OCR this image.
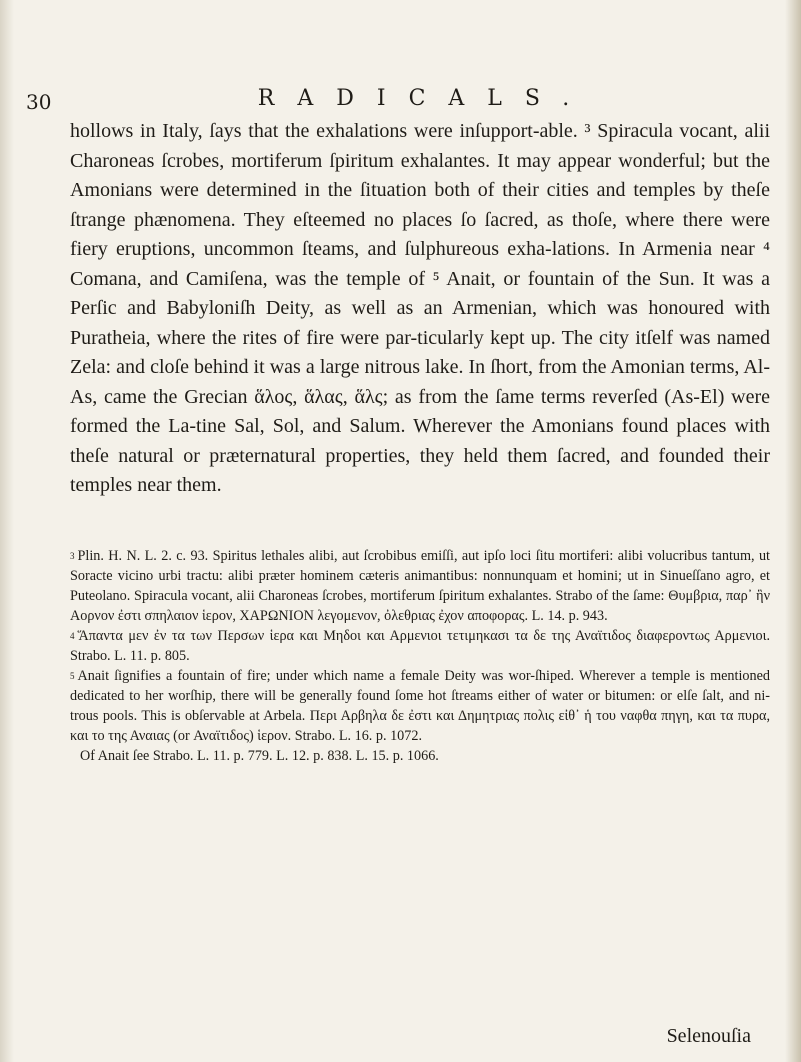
30	RADICALS.

hollows in Italy, ſays that the exhalations were inſupport-able. ³ Spiracula vocant, alii Charoneas ſcrobes, mortiferum ſpiritum exhalantes. It may appear wonderful; but the Amonians were determined in the ſituation both of their cities and temples by theſe ſtrange phænomena. They eſteemed no places ſo ſacred, as thoſe, where there were fiery eruptions, uncommon ſteams, and ſulphureous exha-lations. In Armenia near ⁴ Comana, and Camiſena, was the temple of ⁵ Anait, or fountain of the Sun. It was a Perſic and Babyloniſh Deity, as well as an Armenian, which was honoured with Puratheia, where the rites of fire were par-ticularly kept up. The city itſelf was named Zela: and cloſe behind it was a large nitrous lake. In ſhort, from the Amonian terms, Al-As, came the Grecian ἅλος, ἅλας, ἅλς; as from the ſame terms reverſed (As-El) were formed the La-tine Sal, Sol, and Salum. Wherever the Amonians found places with theſe natural or præternatural properties, they held them ſacred, and founded their temples near them.

$^3$ Plin. H. N. L. 2. c. 93. Spiritus lethales alibi, aut ſcrobibus emiſſi, aut ipſo loci ſitu mortiferi: alibi volucribus tantum, ut Soracte vicino urbi tractu: alibi præter hominem cæteris animantibus: nonnunquam et homini; ut in Sinueſſano agro, et Puteolano. Spiracula vocant, alii Charoneas ſcrobes, mortiferum ſpiritum exhalantes. Strabo of the ſame: Θυμβρια, παρ᾽ ἣν Αορνον ἐστι σπηλαιον ἱερον, ΧΑΡΩΝΙΟΝ λεγομενον, ὀλεθριας ἐχον αποφορας. L. 14. p. 943.

$^4$ Ἅπαντα μεν ἐν τα των Περσων ἱερα και Μηδοι και Αρμενιοι τετιμηκασι τα δε της Αναϊτιδος διαφεροντως Αρμενιοι. Strabo. L. 11. p. 805.

$^5$ Anait ſignifies a fountain of fire; under which name a female Deity was wor-ſhiped. Wherever a temple is mentioned dedicated to her worſhip, there will be generally found ſome hot ſtreams either of water or bitumen: or elſe ſalt, and ni-trous pools. This is obſervable at Arbela. Περι Αρβηλα δε ἐστι και Δημητριας πολις εἰθ᾽ ἡ του ναφθα πηγη, και τα πυρα, και το της Αναιας (or Αναϊτιδος) ἱερον. Strabo. L. 16. p. 1072.

Of Anait ſee Strabo. L. 11. p. 779. L. 12. p. 838. L. 15. p. 1066.

Selenouſia
